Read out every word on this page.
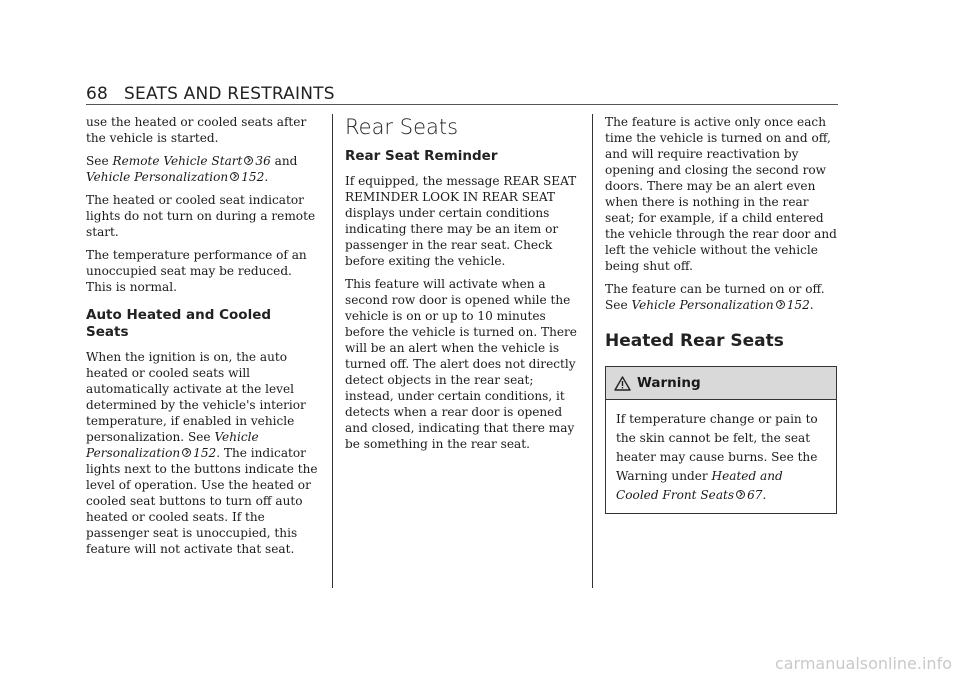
68 SEATS AND RESTRAINTS

use the heated or cooled seats after the vehicle is started.

See Remote Vehicle Start 36 and
Vehicle Personalization 152.

The heated or cooled seat indicator lights do not turn on during a remote start.

The temperature performance of an unoccupied seat may be reduced. This is normal.

Auto Heated and Cooled Seats

When the ignition is on, the auto heated or cooled seats will automatically activate at the level determined by the vehicle's interior temperature, if enabled in vehicle personalization. See Vehicle Personalization 152. The indicator lights next to the buttons indicate the level of operation. Use the heated or cooled seat buttons to turn off auto heated or cooled seats. If the passenger seat is unoccupied, this feature will not activate that seat.

Rear Seats
Rear Seat Reminder

If equipped, the message REAR SEAT REMINDER LOOK IN REAR SEAT displays under certain conditions indicating there may be an item or passenger in the rear seat. Check before exiting the vehicle.

This feature will activate when a second row door is opened while the vehicle is on or up to 10 minutes before the vehicle is turned on. There will be an alert when the vehicle is turned off. The alert does not directly detect objects in the rear seat; instead, under certain conditions, it detects when a rear door is opened and closed, indicating that there may be something in the rear seat.

The feature is active only once each time the vehicle is turned on and off, and will require reactivation by opening and closing the second row doors. There may be an alert even when there is nothing in the rear seat; for example, if a child entered the vehicle through the rear door and left the vehicle without the vehicle being shut off.

The feature can be turned on or off.
See Vehicle Personalization 152.

Heated Rear Seats
Warning
If temperature change or pain to the skin cannot be felt, the seat heater may cause burns. See the Warning under Heated and Cooled Front Seats 67.
carmanualsonline.info
